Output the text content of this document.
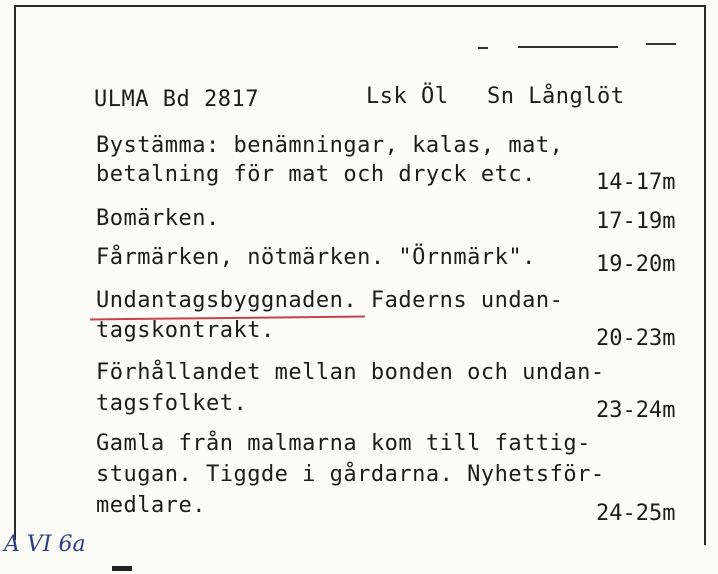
ULMA Bd 2817	Lsk Öl Sn Långlöt
Bystämma: benämningar, kalas, mat,
betalning för mat och dryck etc.	14-17m
Bomärken.	17-19m
Fårmärken, nötmärken. "Örnmärk".	19-20m
Undantagsbyggnaden. Faderns undan-
tagskontrakt.	20-23m
Förhållandet mellan bonden och undan-
tagsfolket.	23-24m
Gamla från malmarna kom till fattig-
stugan. Tiggde i gårdarna. Nyhetsför-
medlare.	24-25m
A VI 6a
